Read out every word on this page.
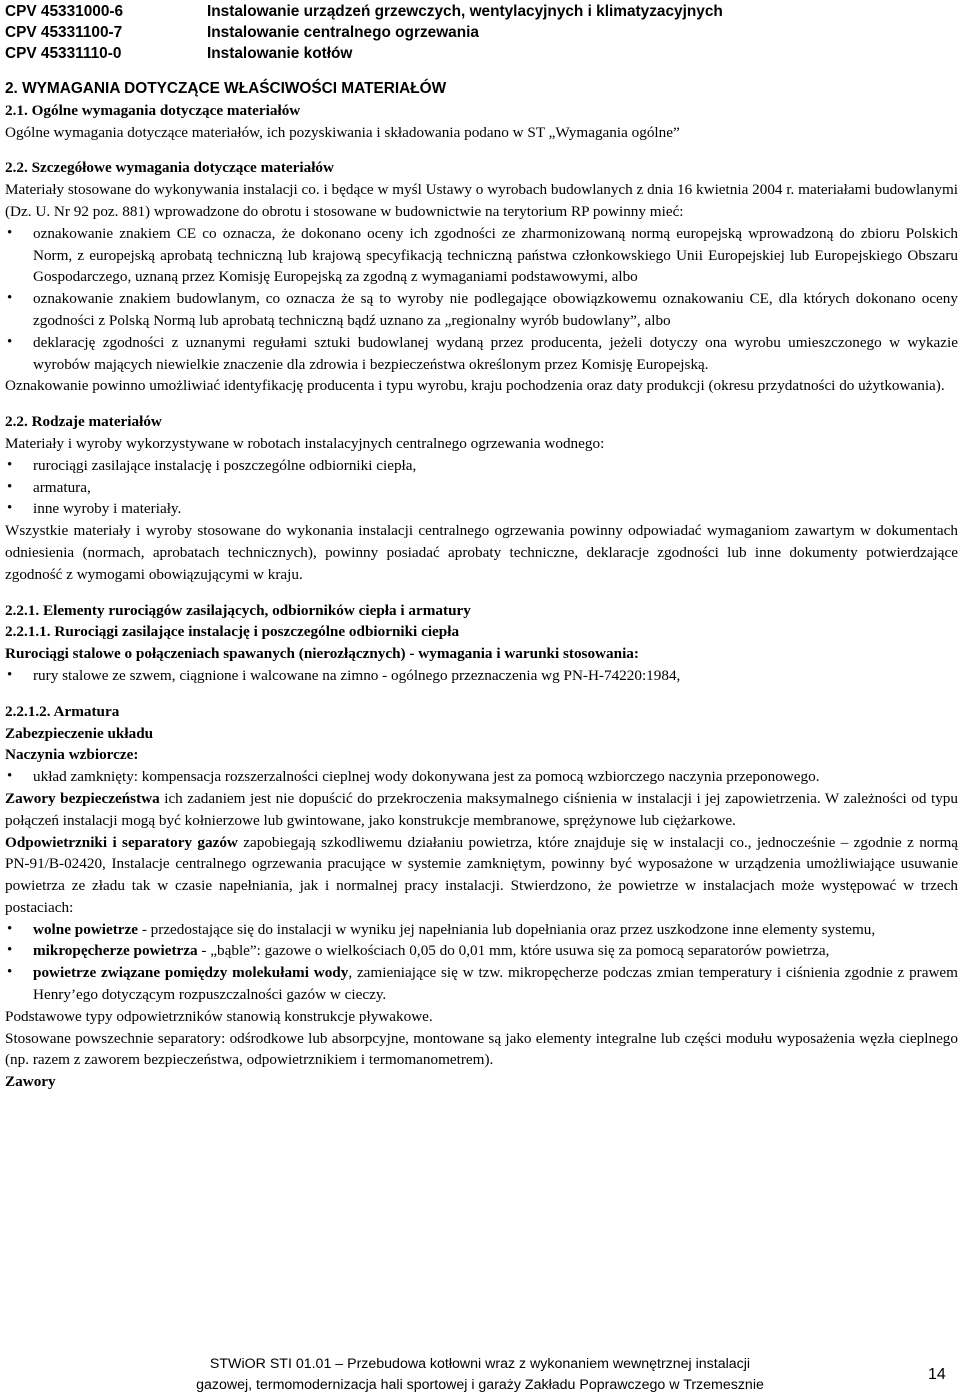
CPV 45331000-6	Instalowanie urządzeń grzewczych, wentylacyjnych i klimatyzacyjnych
CPV 45331100-7	Instalowanie centralnego ogrzewania
CPV 45331110-0	Instalowanie kotłów

2. WYMAGANIA DOTYCZĄCE WŁAŚCIWOŚCI MATERIAŁÓW

2.1. Ogólne wymagania dotyczące materiałów

Ogólne wymagania dotyczące materiałów, ich pozyskiwania i składowania podano w ST „Wymagania ogólne”

2.2. Szczegółowe wymagania dotyczące materiałów

Materiały stosowane do wykonywania instalacji co. i będące w myśl Ustawy o wyrobach budowlanych z dnia 16 kwietnia 2004 r. materiałami budowlanymi (Dz. U. Nr 92 poz. 881) wprowadzone do obrotu i stosowane w budownictwie na terytorium RP powinny mieć:

• oznakowanie znakiem CE co oznacza, że dokonano oceny ich zgodności ze zharmonizowaną normą europejską wprowadzoną do zbioru Polskich Norm, z europejską aprobatą techniczną lub krajową specyfikacją techniczną państwa członkowskiego Unii Europejskiej lub Europejskiego Obszaru Gospodarczego, uznaną przez Komisję Europejską za zgodną z wymaganiami podstawowymi, albo
• oznakowanie znakiem budowlanym, co oznacza że są to wyroby nie podlegające obowiązkowemu oznakowaniu CE, dla których dokonano oceny zgodności z Polską Normą lub aprobatą techniczną bądź uznano za „regionalny wyrób budowlany”, albo
• deklarację zgodności z uznanymi regułami sztuki budowlanej wydaną przez producenta, jeżeli dotyczy ona wyrobu umieszczonego w wykazie wyrobów mających niewielkie znaczenie dla zdrowia i bezpieczeństwa określonym przez Komisję Europejską.

Oznakowanie powinno umożliwiać identyfikację producenta i typu wyrobu, kraju pochodzenia oraz daty produkcji (okresu przydatności do użytkowania).

2.2. Rodzaje materiałów

Materiały i wyroby wykorzystywane w robotach instalacyjnych centralnego ogrzewania wodnego:

• rurociągi zasilające instalację i poszczególne odbiorniki ciepła,
• armatura,
• inne wyroby i materiały.

Wszystkie materiały i wyroby stosowane do wykonania instalacji centralnego ogrzewania powinny odpowiadać wymaganiom zawartym w dokumentach odniesienia (normach, aprobatach technicznych), powinny posiadać aprobaty techniczne, deklaracje zgodności lub inne dokumenty potwierdzające zgodność z wymogami obowiązującymi w kraju.

2.2.1. Elementy rurociągów zasilających, odbiorników ciepła i armatury

2.2.1.1. Rurociągi zasilające instalację i poszczególne odbiorniki ciepła

Rurociągi stalowe o połączeniach spawanych (nierozłącznych) - wymagania i warunki stosowania:

• rury stalowe ze szwem, ciągnione i walcowane na zimno - ogólnego przeznaczenia wg PN-H-74220:1984,

2.2.1.2. Armatura

Zabezpieczenie układu

Naczynia wzbiorcze:

• układ zamknięty: kompensacja rozszerzalności cieplnej wody dokonywana jest za pomocą wzbiorczego naczynia przeponowego.

Zawory bezpieczeństwa ich zadaniem jest nie dopuścić do przekroczenia maksymalnego ciśnienia w instalacji i jej zapowietrzenia. W zależności od typu połączeń instalacji mogą być kołnierzowe lub gwintowane, jako konstrukcje membranowe, sprężynowe lub ciężarkowe.

Odpowietrzniki i separatory gazów zapobiegają szkodliwemu działaniu powietrza, które znajduje się w instalacji co., jednocześnie – zgodnie z normą PN-91/B-02420, Instalacje centralnego ogrzewania pracujące w systemie zamkniętym, powinny być wyposażone w urządzenia umożliwiające usuwanie powietrza ze zładu tak w czasie napełniania, jak i normalnej pracy instalacji. Stwierdzono, że powietrze w instalacjach może występować w trzech postaciach:

• wolne powietrze - przedostające się do instalacji w wyniku jej napełniania lub dopełniania oraz przez uszkodzone inne elementy systemu,
• mikropęcherze powietrza - „bąble”: gazowe o wielkościach 0,05 do 0,01 mm, które usuwa się za pomocą separatorów powietrza,
• powietrze związane pomiędzy molekułami wody, zamieniające się w tzw. mikropęcherze podczas zmian temperatury i ciśnienia zgodnie z prawem Henry’ego dotyczącym rozpuszczalności gazów w cieczy.

Podstawowe typy odpowietrzników stanowią konstrukcje pływakowe.

Stosowane powszechnie separatory: odśrodkowe lub absorpcyjne, montowane są jako elementy integralne lub części modułu wyposażenia węzła cieplnego (np. razem z zaworem bezpieczeństwa, odpowietrznikiem i termomanometrem).

Zawory

STWiOR STI 01.01 – Przebudowa kotłowni wraz z wykonaniem wewnętrznej instalacji
gazowej, termomodernizacja hali sportowej i garaży Zakładu Poprawczego w Trzemesznie
14
